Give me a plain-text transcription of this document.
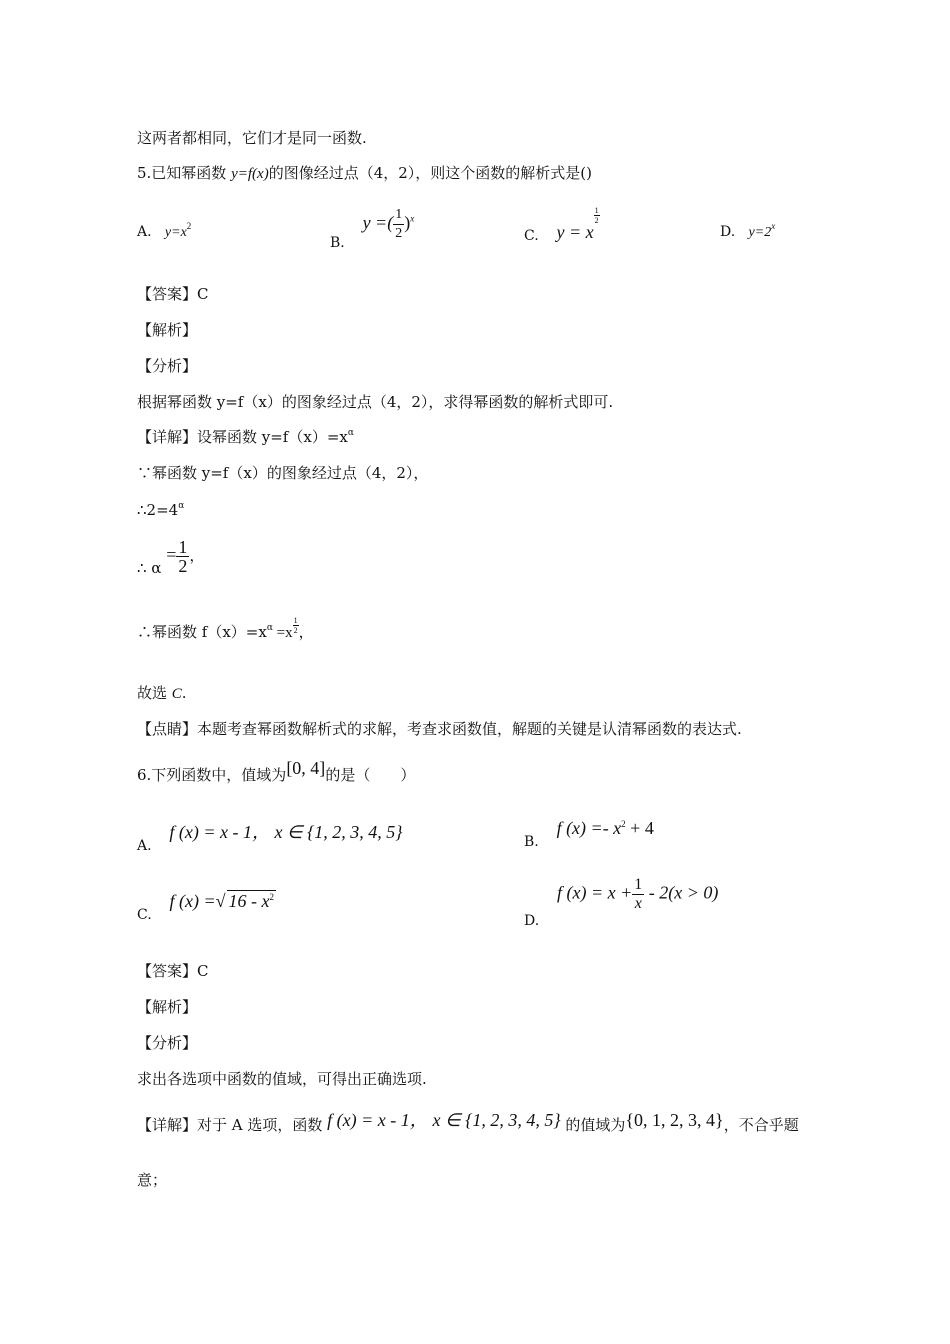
这两者都相同，它们才是同一函数.
5.已知幂函数 y=f(x)的图像经过点（4，2），则这个函数的解析式是()
A. $y=x^2$
B.    y =( $\frac{1}{2} )^x$
C. y = x
$\frac{1}{2}$
D. $y=2^x$
【答案】C
【解析】
【分析】
根据幂函数 y=f（x）的图象经过点（4，2），求得幂函数的解析式即可.
【详解】设幂函数 $y=f(x)=x^\alpha$
∵幂函数 y=f（x）的图象经过点（4，2），
$\therefore 2=4^\alpha$
∴ $\alpha = \frac{1}{2}$ ，
∴幂函数 $f(x)=x^\alpha =x \frac{1}{2}$ ，
故选 C.
【点睛】本题考查幂函数解析式的求解，考查求函数值，解题的关键是认清幂函数的表达式.
6.下列函数中，值域为[0, 4]的是（　　）
A.    f (x) = x - 1， x ∈ {1, 2, 3, 4, 5}	B.    f $(x) =- x^2 + 4$
C.    f (x) =√ $16 - x^2$
D.    f $(x) = x + \frac{1}{x} - 2(x > 0)$
【答案】C
【解析】
【分析】
求出各选项中函数的值域，可得出正确选项.
【详解】对于 A 选项，函数 f (x) = x - 1， x ∈ {1, 2, 3, 4, 5} 的值域为{0, 1, 2, 3, 4}，不合乎题
意；
